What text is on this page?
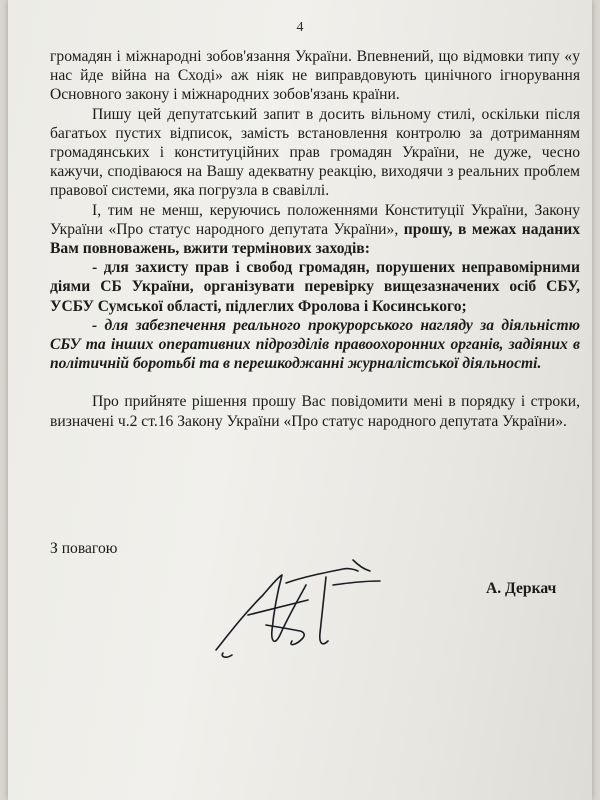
4

громадян і міжнародні зобов'язання України. Впевнений, що відмовки типу «у нас йде війна на Сході» аж ніяк не виправдовують цинічного ігнорування Основного закону і міжнародних зобов'язань країни.

Пишу цей депутатський запит в досить вільному стилі, оскільки після багатьох пустих відписок, замість встановлення контролю за дотриманням громадянських і конституційних прав громадян України, не дуже, чесно кажучи, сподіваюся на Вашу адекватну реакцію, виходячи з реальних проблем правової системи, яка погрузла в свавіллі.

І, тим не менш, керуючись положеннями Конституції України, Закону України «Про статус народного депутата України», прошу, в межах наданих Вам повноважень, вжити термінових заходів:

- для захисту прав і свобод громадян, порушених неправомірними діями СБ України, організувати перевірку вищезазначених осіб СБУ, УСБУ Сумської області, підлеглих Фролова і Косинського;

- для забезпечення реального прокурорського нагляду за діяльністю СБУ та інших оперативних підрозділів правоохоронних органів, задіяних в політичній боротьбі та в перешкоджанні журналістської діяльності.

Про прийняте рішення прошу Вас повідомити мені в порядку і строки, визначені ч.2 ст.16 Закону України «Про статус народного депутата України».

З повагою
А. Деркач
